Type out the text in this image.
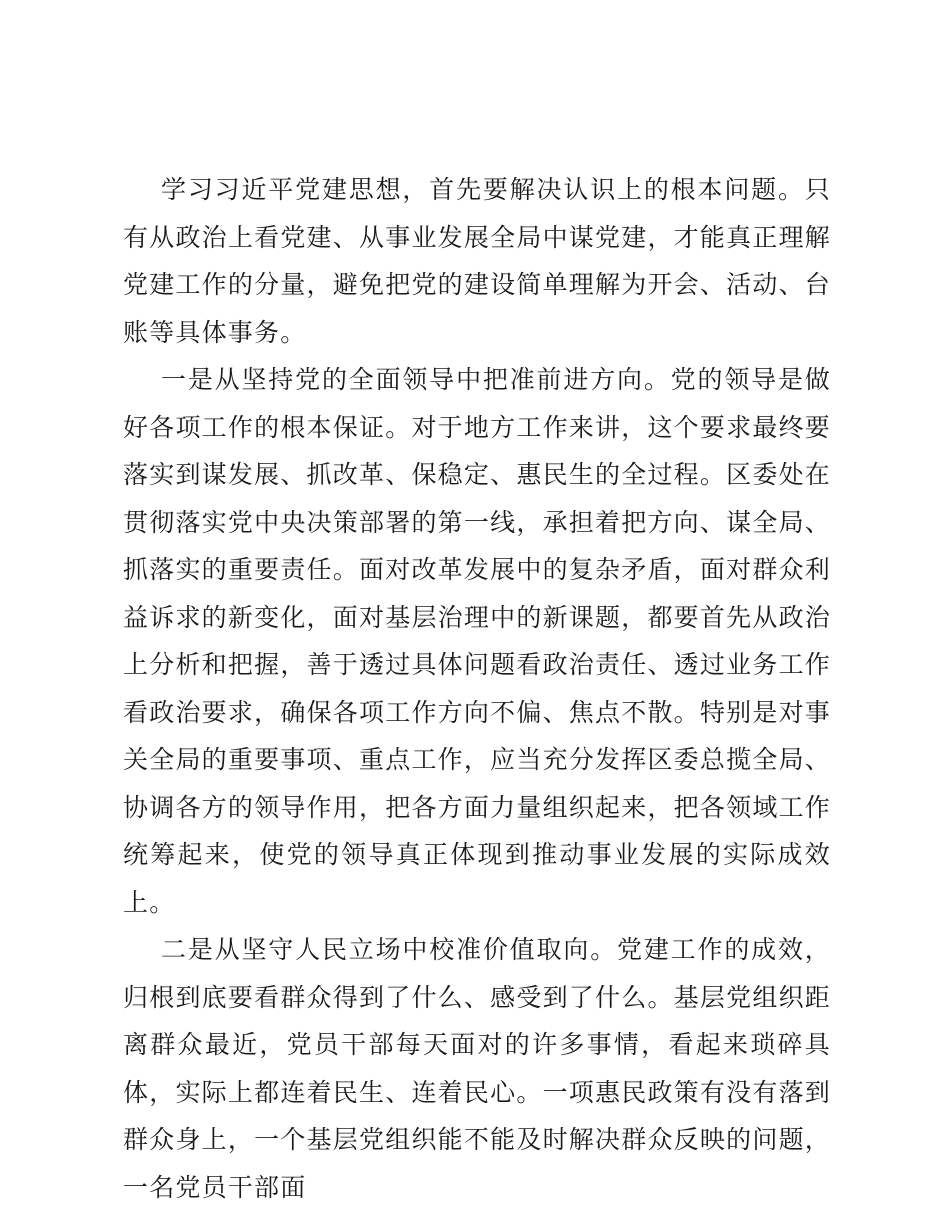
学习习近平党建思想，首先要解决认识上的根本问题。只有从政治上看党建、从事业发展全局中谋党建，才能真正理解党建工作的分量，避免把党的建设简单理解为开会、活动、台账等具体事务。

一是从坚持党的全面领导中把准前进方向。党的领导是做好各项工作的根本保证。对于地方工作来讲，这个要求最终要落实到谋发展、抓改革、保稳定、惠民生的全过程。区委处在贯彻落实党中央决策部署的第一线，承担着把方向、谋全局、抓落实的重要责任。面对改革发展中的复杂矛盾，面对群众利益诉求的新变化，面对基层治理中的新课题，都要首先从政治上分析和把握，善于透过具体问题看政治责任、透过业务工作看政治要求，确保各项工作方向不偏、焦点不散。特别是对事关全局的重要事项、重点工作，应当充分发挥区委总揽全局、协调各方的领导作用，把各方面力量组织起来，把各领域工作统筹起来，使党的领导真正体现到推动事业发展的实际成效上。

二是从坚守人民立场中校准价值取向。党建工作的成效，归根到底要看群众得到了什么、感受到了什么。基层党组织距离群众最近，党员干部每天面对的许多事情，看起来琐碎具体，实际上都连着民生、连着民心。一项惠民政策有没有落到群众身上，一个基层党组织能不能及时解决群众反映的问题，一名党员干部面
